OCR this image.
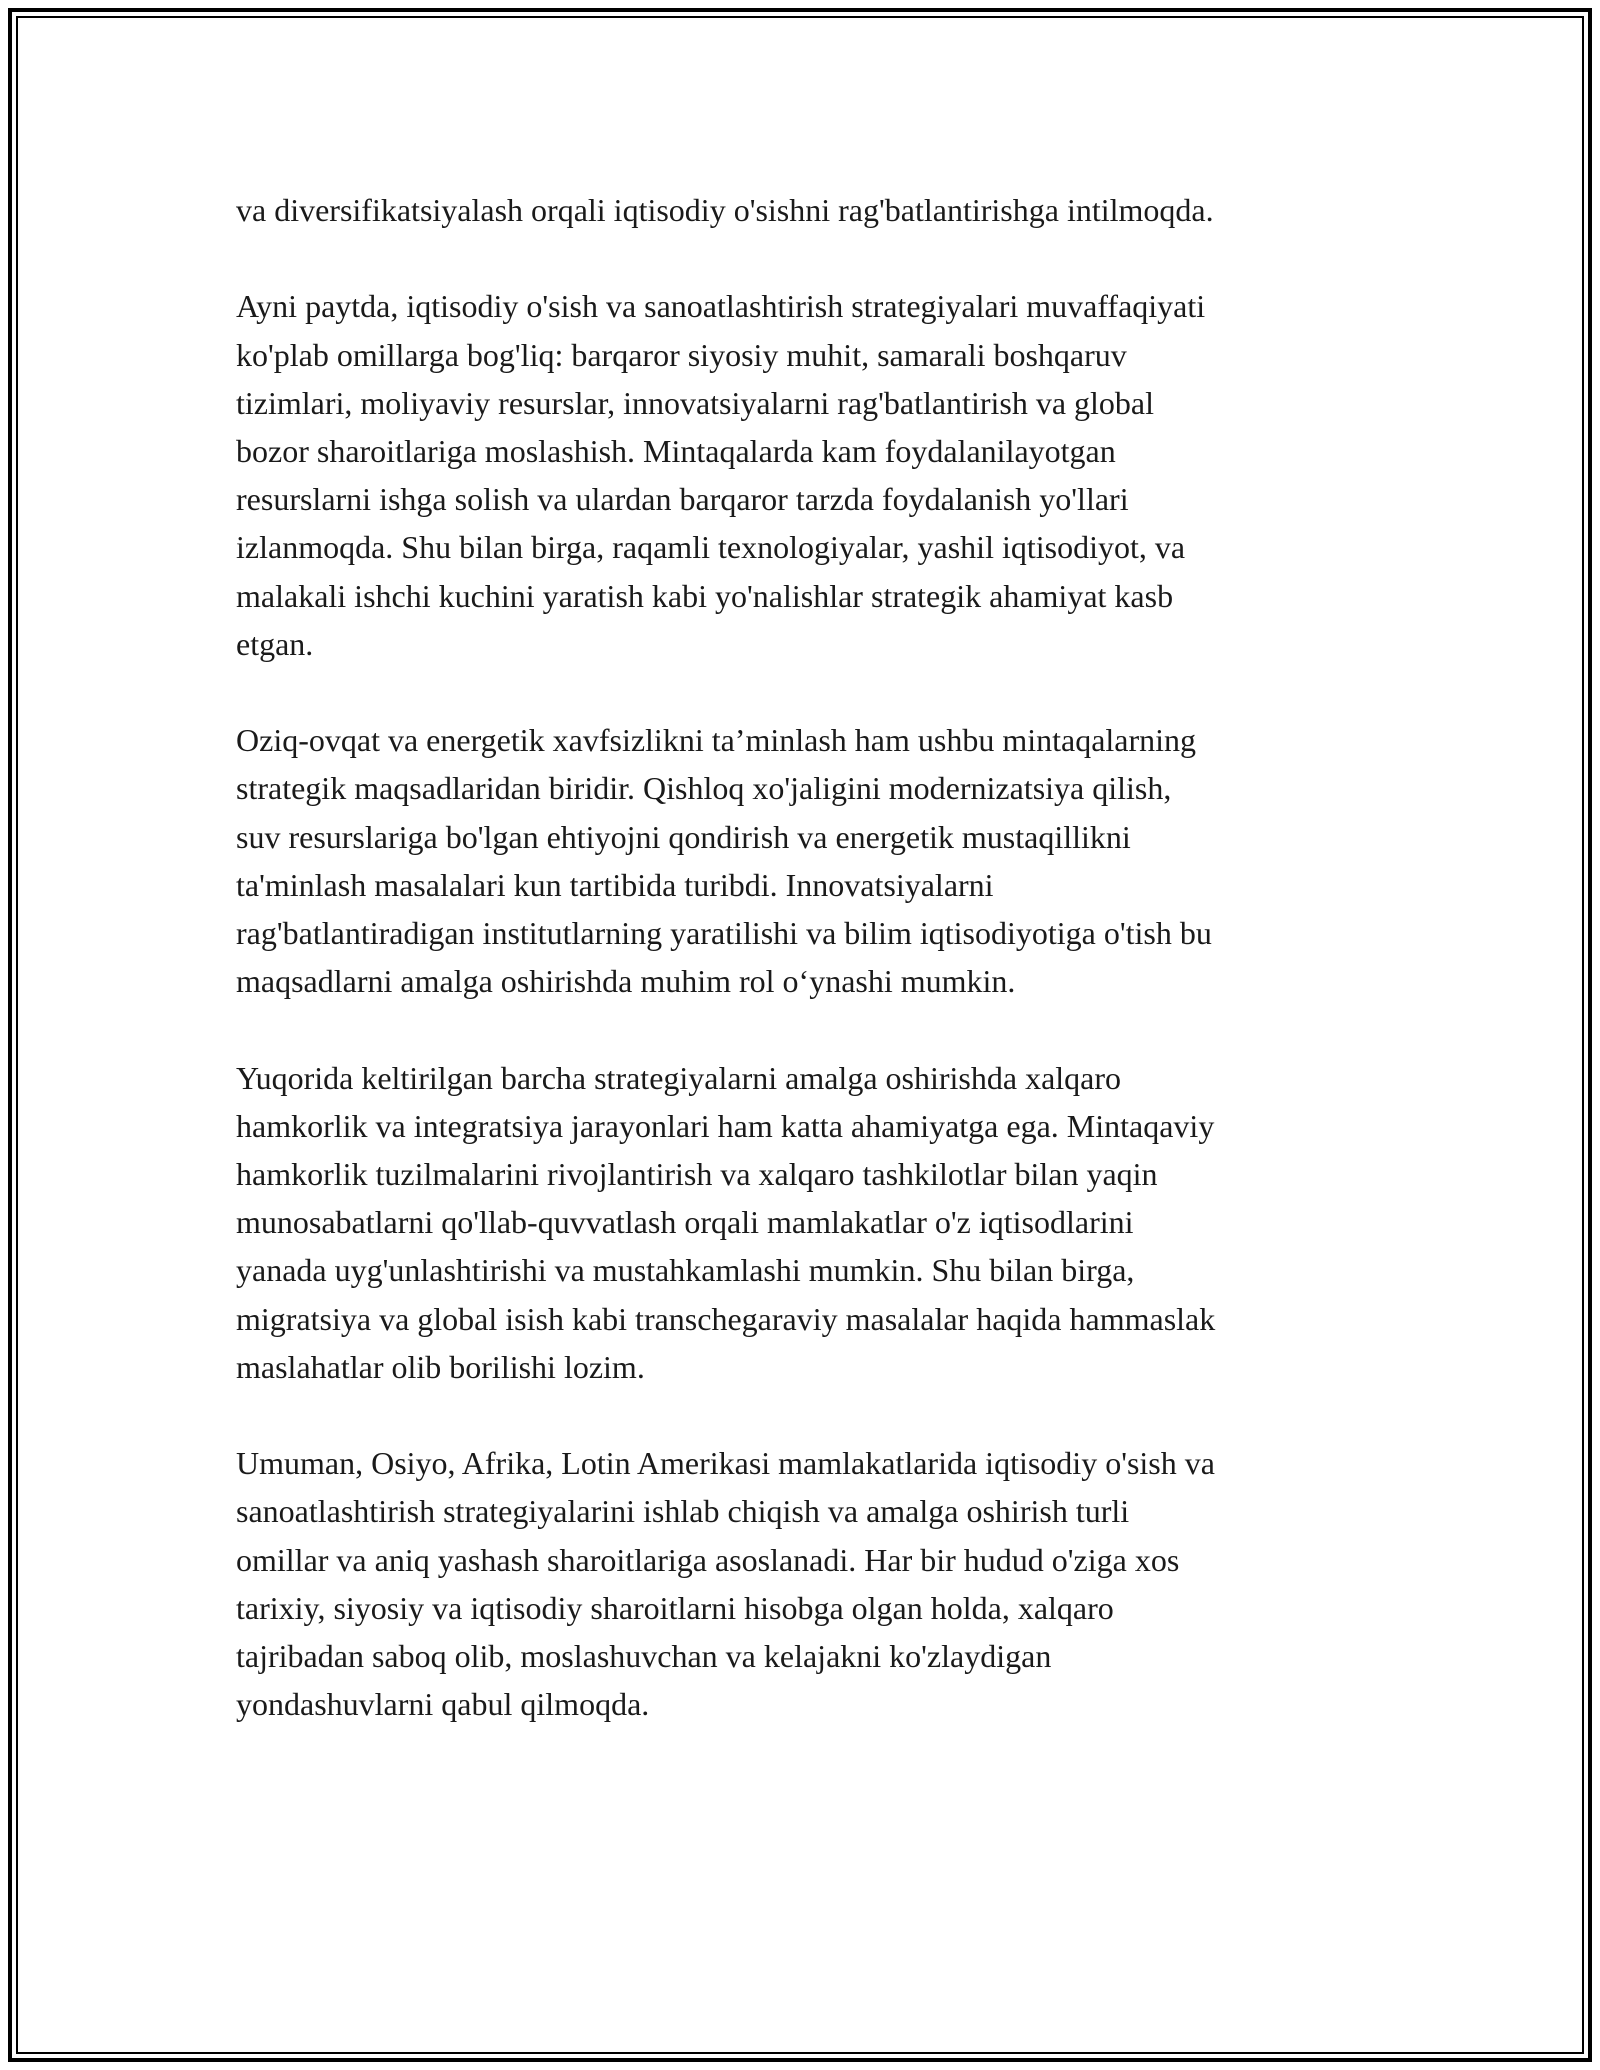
va diversifikatsiyalash orqali iqtisodiy o'sishni rag'batlantirishga intilmoqda.

Ayni paytda, iqtisodiy o'sish va sanoatlashtirish strategiyalari muvaffaqiyati
ko'plab omillarga bog'liq: barqaror siyosiy muhit, samarali boshqaruv
tizimlari, moliyaviy resurslar, innovatsiyalarni rag'batlantirish va global
bozor sharoitlariga moslashish. Mintaqalarda kam foydalanilayotgan
resurslarni ishga solish va ulardan barqaror tarzda foydalanish yo'llari
izlanmoqda. Shu bilan birga, raqamli texnologiyalar, yashil iqtisodiyot, va
malakali ishchi kuchini yaratish kabi yo'nalishlar strategik ahamiyat kasb
etgan.

Oziq-ovqat va energetik xavfsizlikni ta’minlash ham ushbu mintaqalarning
strategik maqsadlaridan biridir. Qishloq xo'jaligini modernizatsiya qilish,
suv resurslariga bo'lgan ehtiyojni qondirish va energetik mustaqillikni
ta'minlash masalalari kun tartibida turibdi. Innovatsiyalarni
rag'batlantiradigan institutlarning yaratilishi va bilim iqtisodiyotiga o'tish bu
maqsadlarni amalga oshirishda muhim rol o‘ynashi mumkin.

Yuqorida keltirilgan barcha strategiyalarni amalga oshirishda xalqaro
hamkorlik va integratsiya jarayonlari ham katta ahamiyatga ega. Mintaqaviy
hamkorlik tuzilmalarini rivojlantirish va xalqaro tashkilotlar bilan yaqin
munosabatlarni qo'llab-quvvatlash orqali mamlakatlar o'z iqtisodlarini
yanada uyg'unlashtirishi va mustahkamlashi mumkin. Shu bilan birga,
migratsiya va global isish kabi transchegaraviy masalalar haqida hammaslak
maslahatlar olib borilishi lozim.

Umuman, Osiyo, Afrika, Lotin Amerikasi mamlakatlarida iqtisodiy o'sish va
sanoatlashtirish strategiyalarini ishlab chiqish va amalga oshirish turli
omillar va aniq yashash sharoitlariga asoslanadi. Har bir hudud o'ziga xos
tarixiy, siyosiy va iqtisodiy sharoitlarni hisobga olgan holda, xalqaro
tajribadan saboq olib, moslashuvchan va kelajakni ko'zlaydigan
yondashuvlarni qabul qilmoqda.
